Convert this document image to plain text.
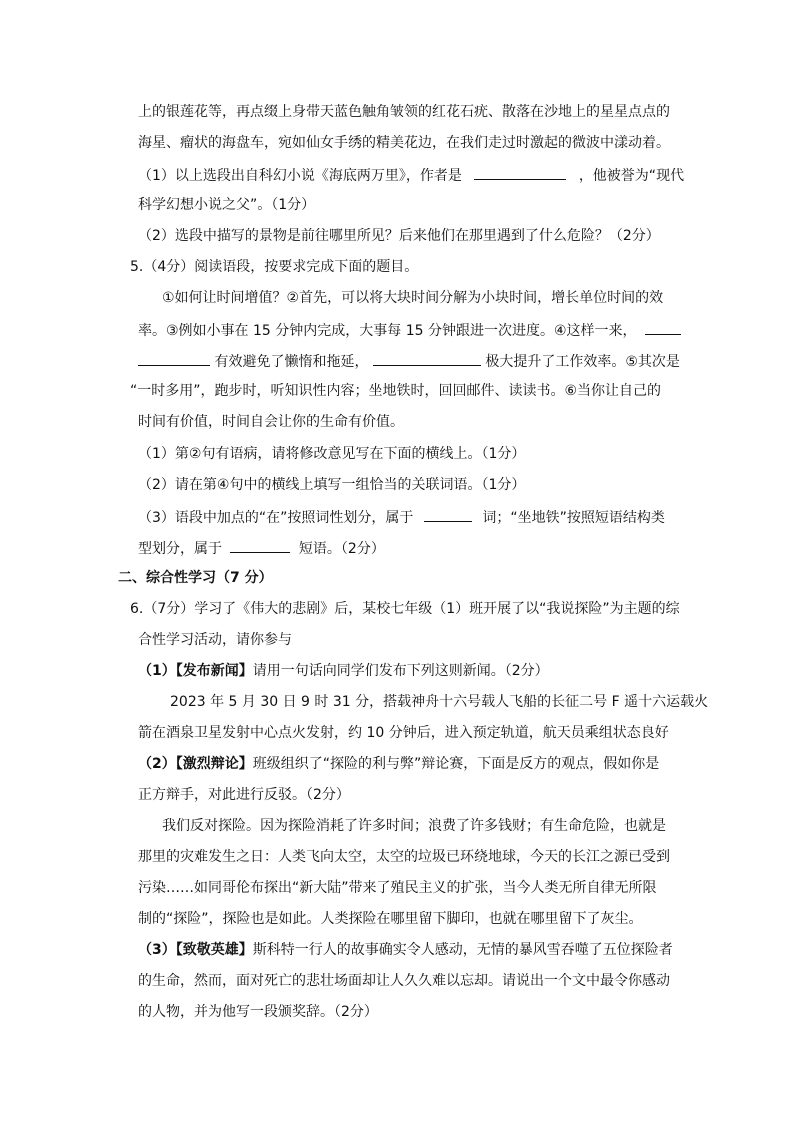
上的银莲花等，再点缀上身带天蓝色触角皱领的红花石疣、散落在沙地上的星星点点的
海星、瘤状的海盘车，宛如仙女手绣的精美花边，在我们走过时激起的微波中漾动着。
（1）以上选段出自科幻小说《海底两万里》，作者是	，他被誉为“现代
科学幻想小说之父”。（1分）
（2）选段中描写的景物是前往哪里所见？后来他们在那里遇到了什么危险？（2分）
5.（4分）阅读语段，按要求完成下面的题目。
①如何让时间增值？②首先，可以将大块时间分解为小块时间，增长单位时间的效
率。③例如小事在 15 分钟内完成，大事每 15 分钟跟进一次进度。④这样一来，
有效避免了懒惰和拖延，	极大提升了工作效率。⑤其次是
“一时多用”，跑步时，听知识性内容；坐地铁时，回回邮件、读读书。⑥当你让自己的
时间有价值，时间自会让你的生命有价值。
（1）第②句有语病，请将修改意见写在下面的横线上。（1分）
（2）请在第④句中的横线上填写一组恰当的关联词语。（1分）
（3）语段中加点的“在”按照词性划分，属于	词；“坐地铁”按照短语结构类
型划分，属于	短语。（2分）
二、综合性学习（7 分）
6.（7分）学习了《伟大的悲剧》后，某校七年级（1）班开展了以“我说探险”为主题的综
合性学习活动，请你参与
（1）【发布新闻】请用一句话向同学们发布下列这则新闻。（2分）
2023 年 5 月 30 日 9 时 31 分，搭载神舟十六号载人飞船的长征二号 F 遥十六运载火
箭在酒泉卫星发射中心点火发射，约 10 分钟后，进入预定轨道，航天员乘组状态良好
（2）【激烈辩论】班级组织了“探险的利与弊”辩论赛，下面是反方的观点，假如你是
正方辩手，对此进行反驳。（2分）
我们反对探险。因为探险消耗了许多时间；浪费了许多钱财；有生命危险，也就是
那里的灾难发生之日：人类飞向太空，太空的垃圾已环绕地球，今天的长江之源已受到
污染……如同哥伦布探出“新大陆”带来了殖民主义的扩张，当今人类无所自律无所限
制的“探险”，探险也是如此。人类探险在哪里留下脚印，也就在哪里留下了灰尘。
（3）【致敬英雄】斯科特一行人的故事确实令人感动，无情的暴风雪吞噬了五位探险者
的生命，然而，面对死亡的悲壮场面却让人久久难以忘却。请说出一个文中最令你感动
的人物，并为他写一段颁奖辞。（2分）
